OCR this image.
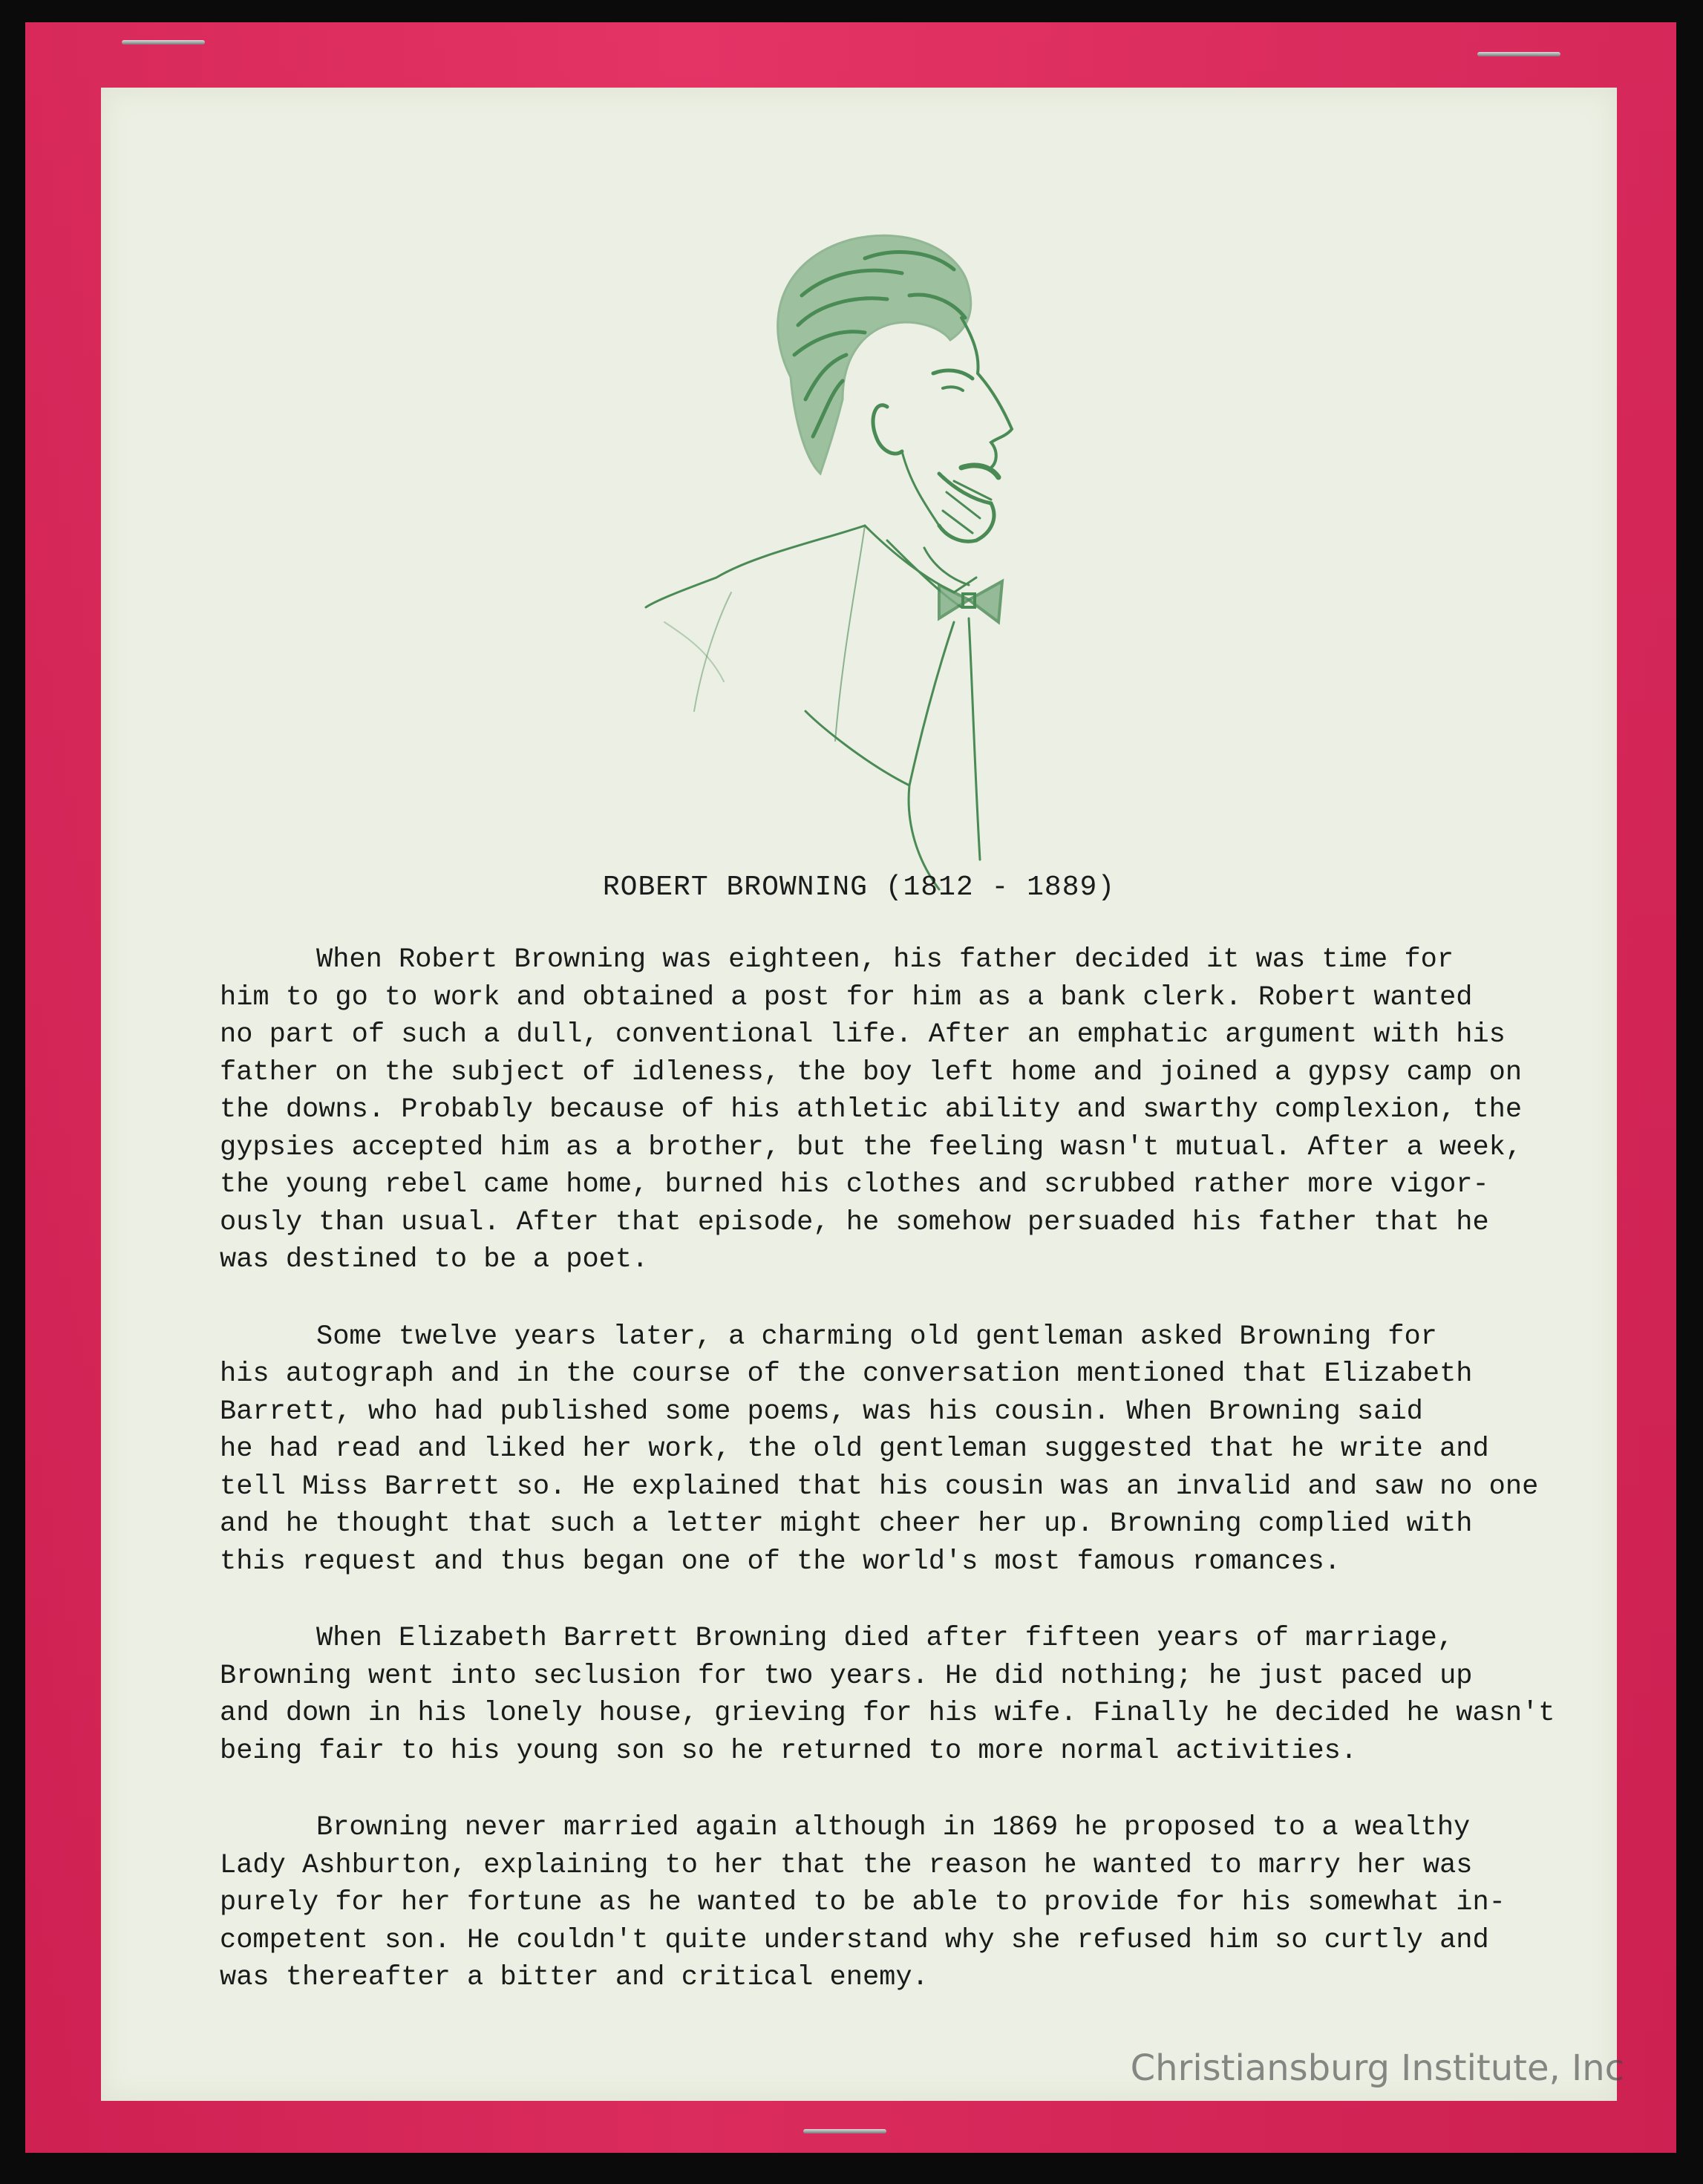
ROBERT BROWNING (1812 - 1889)

When Robert Browning was eighteen, his father decided it was time for
him to go to work and obtained a post for him as a bank clerk. Robert wanted
no part of such a dull, conventional life. After an emphatic argument with his
father on the subject of idleness, the boy left home and joined a gypsy camp on
the downs. Probably because of his athletic ability and swarthy complexion, the
gypsies accepted him as a brother, but the feeling wasn't mutual. After a week,
the young rebel came home, burned his clothes and scrubbed rather more vigor-
ously than usual. After that episode, he somehow persuaded his father that he
was destined to be a poet.

Some twelve years later, a charming old gentleman asked Browning for
his autograph and in the course of the conversation mentioned that Elizabeth
Barrett, who had published some poems, was his cousin. When Browning said
he had read and liked her work, the old gentleman suggested that he write and
tell Miss Barrett so. He explained that his cousin was an invalid and saw no one
and he thought that such a letter might cheer her up. Browning complied with
this request and thus began one of the world's most famous romances.

When Elizabeth Barrett Browning died after fifteen years of marriage,
Browning went into seclusion for two years. He did nothing; he just paced up
and down in his lonely house, grieving for his wife. Finally he decided he wasn't
being fair to his young son so he returned to more normal activities.

Browning never married again although in 1869 he proposed to a wealthy
Lady Ashburton, explaining to her that the reason he wanted to marry her was
purely for her fortune as he wanted to be able to provide for his somewhat in-
competent son. He couldn't quite understand why she refused him so curtly and
was thereafter a bitter and critical enemy.

Christiansburg Institute, Inc
